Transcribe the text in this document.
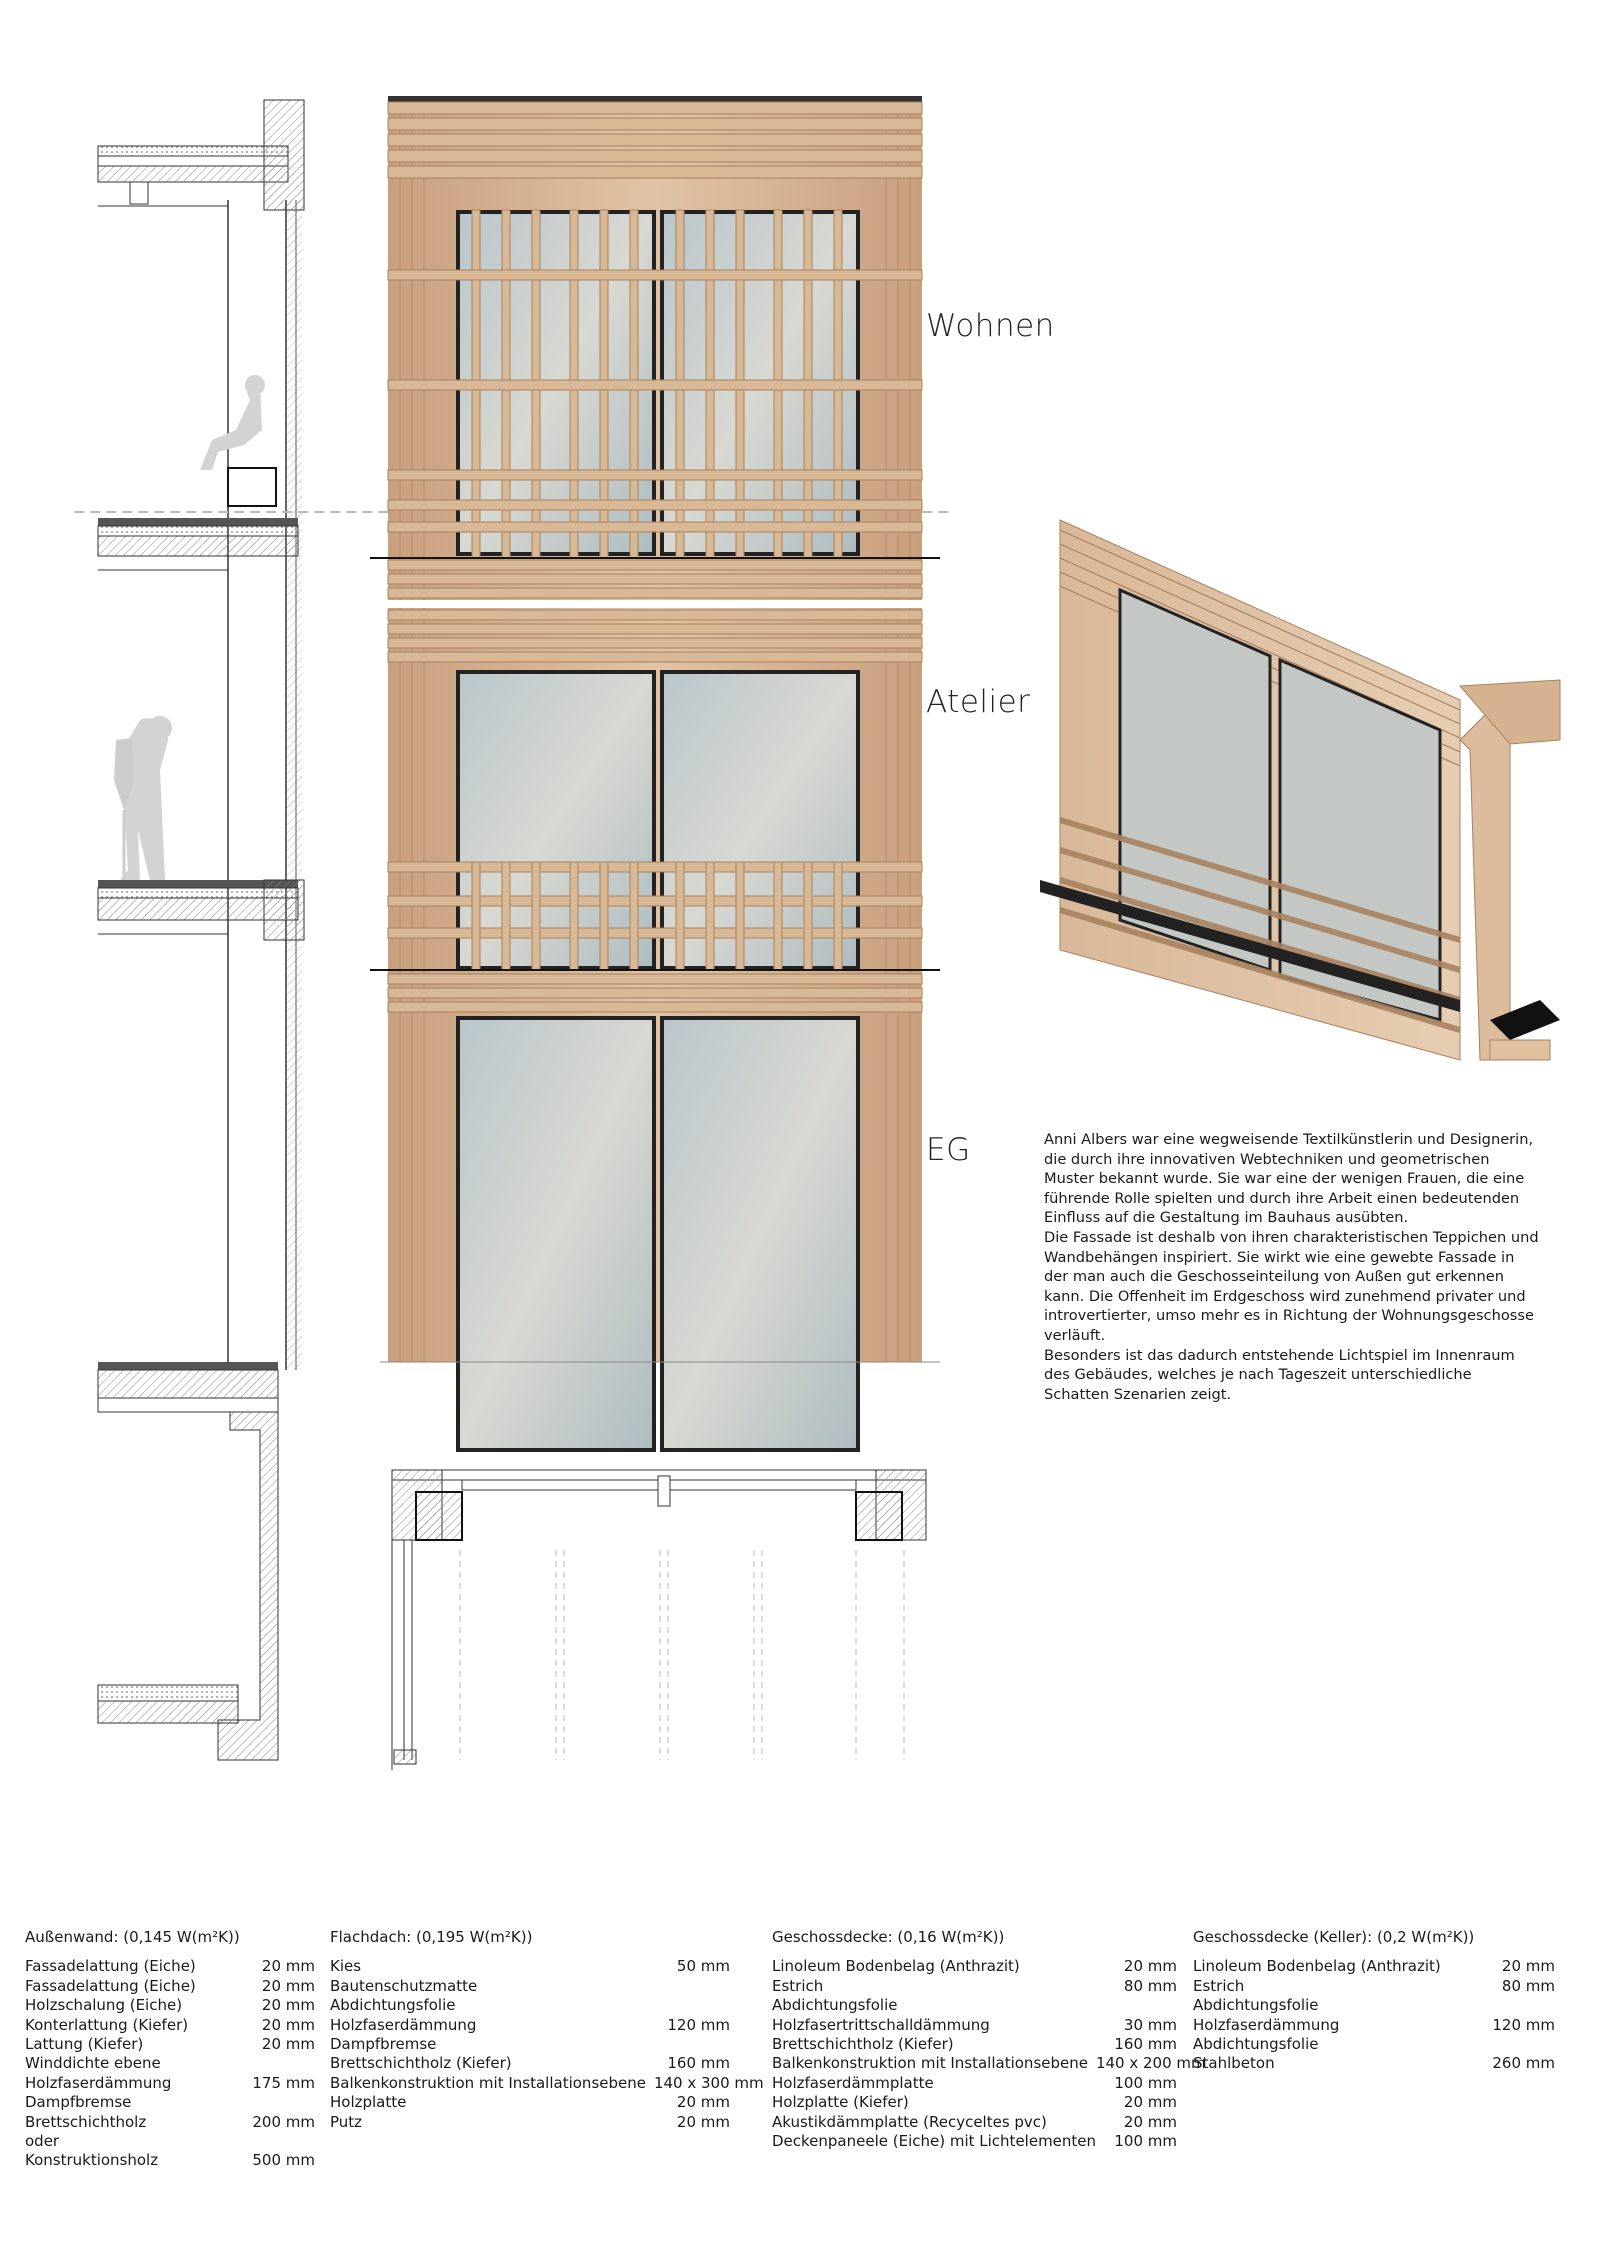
Wohnen
Atelier
EG	Anni Albers war eine wegweisende Textilkünstlerin und Designerin, die durch ihre innovativen Webtechniken und geometrischen Muster bekannt wurde. Sie war eine der wenigen Frauen, die eine führende Rolle spielten und durch ihre Arbeit einen bedeutenden Einfluss auf die Gestaltung im Bauhaus ausübten.

Die Fassade ist deshalb von ihren charakteristischen Teppichen und Wandbehängen inspiriert. Sie wirkt wie eine gewebte Fassade in der man auch die Geschosseinteilung von Außen gut erkennen kann. Die Offenheit im Erdgeschoss wird zunehmend privater und introvertierter, umso mehr es in Richtung der Wohnungsgeschosse verläuft.

Besonders ist das dadurch entstehende Lichtspiel im Innenraum des Gebäudes, welches je nach Tageszeit unterschiedliche Schatten Szenarien zeigt.

Außenwand: (0,145 W(m²K))
Fassadelattung (Eiche)	20 mm
Fassadelattung (Eiche)	20 mm
Holzschalung (Eiche)	20 mm
Konterlattung (Kiefer)	20 mm
Lattung (Kiefer)	20 mm
Winddichte ebene
Holzfaserdämmung	175 mm
Dampfbremse
Brettschichtholz	200 mm
oder
Konstruktionsholz	500 mm
Flachdach: (0,195 W(m²K))
Kies	50 mm
Bautenschutzmatte
Abdichtungsfolie
Holzfaserdämmung	120 mm
Dampfbremse
Brettschichtholz (Kiefer)	160 mm
Balkenkonstruktion mit Installationsebene 140 x 300 mm
Holzplatte	20 mm
Putz	20 mm
Geschossdecke: (0,16 W(m²K))
Linoleum Bodenbelag (Anthrazit)	20 mm
Estrich	80 mm
Abdichtungsfolie
Holzfasertrittschalldämmung	30 mm
Brettschichtholz (Kiefer)	160 mm
Balkenkonstruktion mit Installationsebene 140 x 200 mm
Holzfaserdämmplatte	100 mm
Holzplatte (Kiefer)	20 mm
Akustikdämmplatte (Recyceltes pvc)	20 mm
Deckenpaneele (Eiche) mit Lichtelementen 100 mm
Geschossdecke (Keller): (0,2 W(m²K))
Linoleum Bodenbelag (Anthrazit)	20 mm
Estrich	80 mm
Abdichtungsfolie
Holzfaserdämmung	120 mm
Abdichtungsfolie
Stahlbeton	260 mm
